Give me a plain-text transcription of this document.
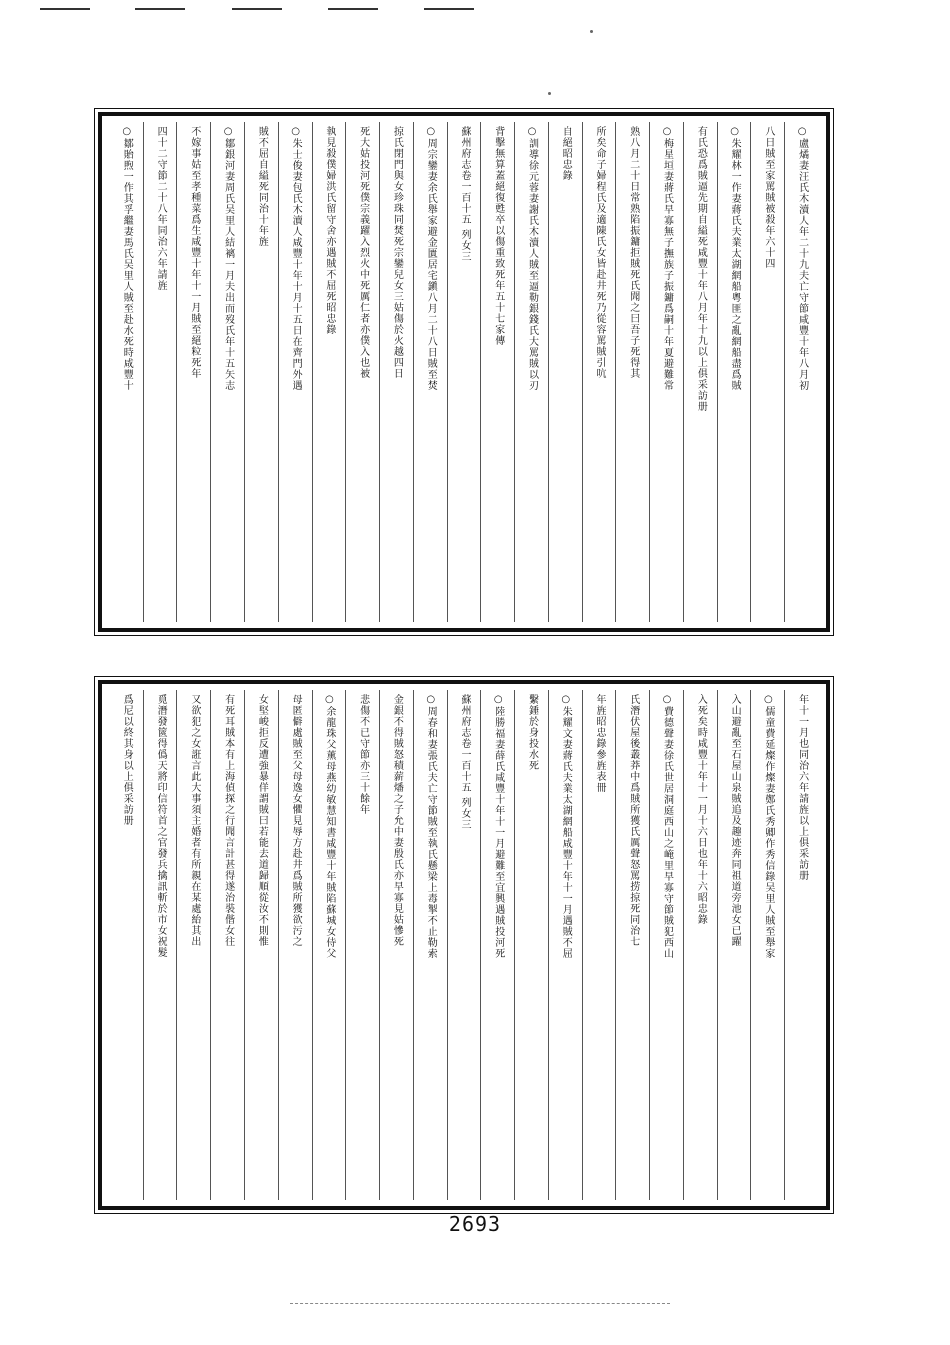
○盧燏妻汪氏木瀆人年二十九夫亡守節咸豐十年八月初
八日賊至家罵賊被殺年六十四
○朱耀林一作妻蔣氏夫業太湖網船粵匪之亂網船盡爲賊
有氏恐爲賊逼先期自縊死咸豐十年八月年十九以上俱采訪册
○梅星垣妻蔣氏早寡無子撫族子振鏞爲嗣十年夏避難常
熟八月二十日常熟陷振鏞拒賊死氏聞之曰吾子死得其
所矣命子婦程氏及適陳氏女皆赴井死乃從容罵賊引吭
自絕昭忠錄
○訓導徐元蓉妻謝氏木瀆人賊至逼勒銀錢氏大罵賊以刃
背擊無算蓋絕復甦卒以傷重致死年五十七家傳
蘇州府志卷一百十五 列女三
○周宗鑾妻余氏舉家避金匱居宅鎭八月二十八日賊至焚
掠氏閉門與女珍珠同焚死宗鑾兒女三姑傷於火越四日
死大姑投河死僕宗義躍入烈火中死厲仁者亦僕入也被
執見殺僕婦洪氏留守舍亦遇賊不屈死昭忠錄
○朱士俊妻包氏木瀆人咸豐十年十月十五日在齊門外遇
賊不屈自縊死同治十年旌
○鄒銀河妻周氏吴里人結褵一月夫出而歿氏年十五矢志
不嫁事姑至孝種菜爲生咸豐十年十一月賊至絕粒死年
四十二守節二十八年同治六年請旌
○鄒貽煦一作其孚繼妻馬氏吴里人賊至赴水死時咸豐十
年十一月也同治六年請旌以上俱采訪册
○儒童費延燦作燦妻鄭氏秀卿作秀信錄吴里人賊至舉家
入山避亂至石屋山泉賊追及趣迹奔同祖道旁池女已躍
入死矣時咸豐十年十一月十六日也年十六昭忠錄
○費德聲妻徐氏世居洞庭西山之崦里早寡守節賊犯西山
氏潛伏屋後叢莽中爲賊所獲氏厲聲怒罵捞掠死同治七
年旌昭忠錄參旌表冊
○朱耀文妻蔣氏夫業太湖網船咸豐十年十一月遇賊不屈
繫錘於身投水死
○陸勝福妻薛氏咸豐十年十一月避難至宜興遇賊投河死
蘇州府志卷一百十五 列女三
○周春和妻張氏夫亡守節賊至執氏懸梁上毒掣不止勒索
金銀不得賊怒積薪燔之子允中妻殷氏亦早寡見姑慘死
悲傷不已守節亦三十餘年
○余龍珠父薰母燕幼敏慧知書咸豐十年賊陷蘇城女侍父
母匿僻處賊至父母逸女懼見辱方赴井爲賊所獲欲污之
女堅峻拒反遭強暴佯謂賊曰若能去道歸順從汝不則惟
有死耳賊本有上海偵探之行聞言計甚得遂治裝偕女往
又欲犯之女誑言此大事須主婚者有所親在某處紿其出
覓潛發篋得僞天將印信符首之官發兵擒訊斬於市女祝髮
爲尼以終其身以上俱采訪册
2693
